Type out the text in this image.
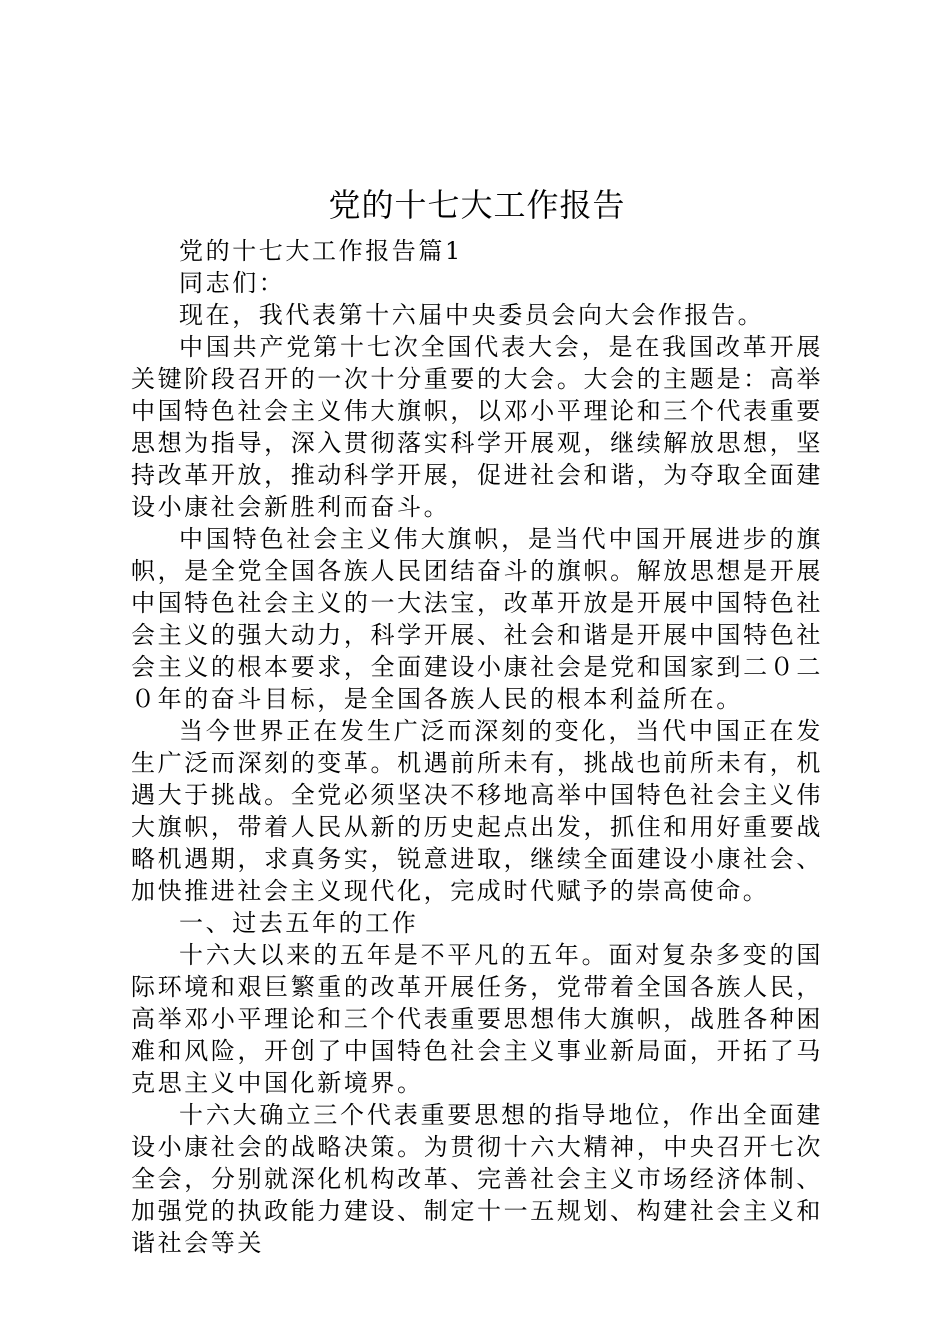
党的十七大工作报告

党的十七大工作报告篇1

同志们：

现在，我代表第十六届中央委员会向大会作报告。

中国共产党第十七次全国代表大会，是在我国改革开展关键阶段召开的一次十分重要的大会。大会的主题是：高举中国特色社会主义伟大旗帜，以邓小平理论和三个代表重要思想为指导，深入贯彻落实科学开展观，继续解放思想，坚持改革开放，推动科学开展，促进社会和谐，为夺取全面建设小康社会新胜利而奋斗。

中国特色社会主义伟大旗帜，是当代中国开展进步的旗帜，是全党全国各族人民团结奋斗的旗帜。解放思想是开展中国特色社会主义的一大法宝，改革开放是开展中国特色社会主义的强大动力，科学开展、社会和谐是开展中国特色社会主义的根本要求，全面建设小康社会是党和国家到二０二０年的奋斗目标，是全国各族人民的根本利益所在。

当今世界正在发生广泛而深刻的变化，当代中国正在发生广泛而深刻的变革。机遇前所未有，挑战也前所未有，机遇大于挑战。全党必须坚决不移地高举中国特色社会主义伟大旗帜，带着人民从新的历史起点出发，抓住和用好重要战略机遇期，求真务实，锐意进取，继续全面建设小康社会、加快推进社会主义现代化，完成时代赋予的崇高使命。

一、过去五年的工作

十六大以来的五年是不平凡的五年。面对复杂多变的国际环境和艰巨繁重的改革开展任务，党带着全国各族人民，高举邓小平理论和三个代表重要思想伟大旗帜，战胜各种困难和风险，开创了中国特色社会主义事业新局面，开拓了马克思主义中国化新境界。

十六大确立三个代表重要思想的指导地位，作出全面建设小康社会的战略决策。为贯彻十六大精神，中央召开七次全会，分别就深化机构改革、完善社会主义市场经济体制、加强党的执政能力建设、制定十一五规划、构建社会主义和谐社会等关
